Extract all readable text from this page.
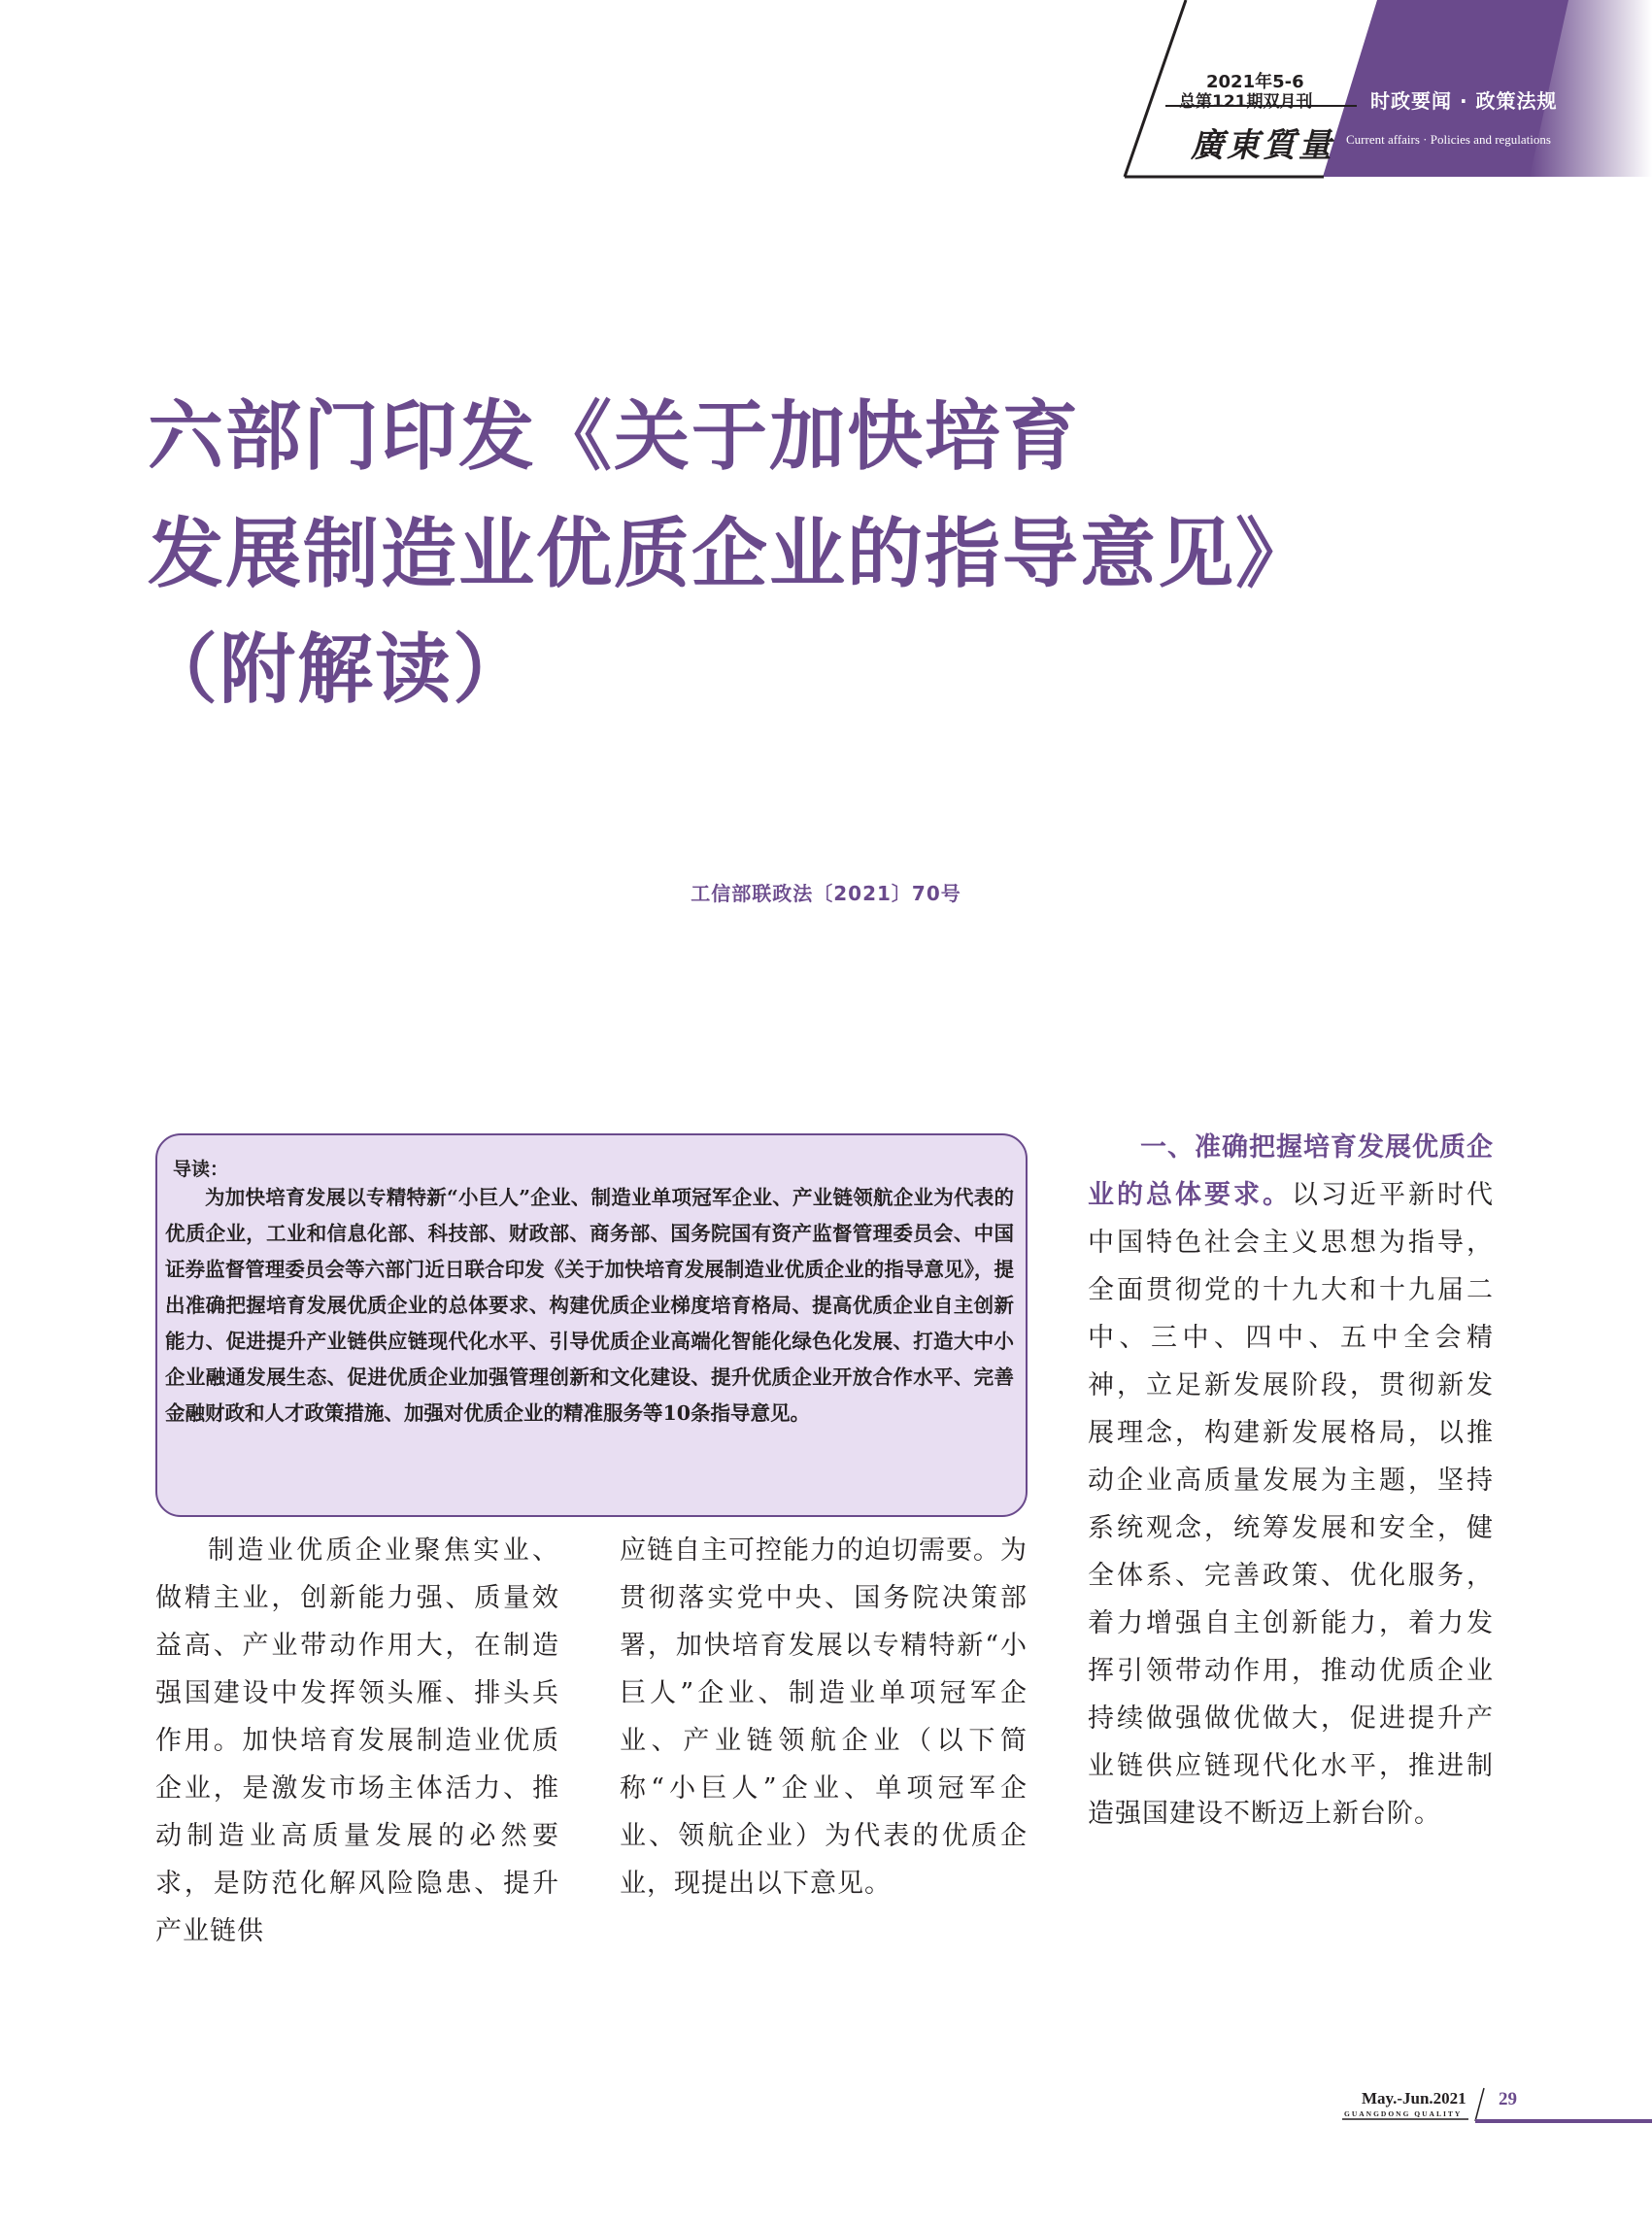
2021年5-6
总第121期双月刊	时政要闻 · 政策法规
廣東質量 Current affairs · Policies and regulations
六部门印发《关于加快培育
发展制造业优质企业的指导意见》
（附解读）
工信部联政法〔2021〕70号
导读：

为加快培育发展以专精特新“小巨人”企业、制造业单项冠军企业、产业链领航企业为代表的优质企业，工业和信息化部、科技部、财政部、商务部、国务院国有资产监督管理委员会、中国证券监督管理委员会等六部门近日联合印发《关于加快培育发展制造业优质企业的指导意见》，提出准确把握培育发展优质企业的总体要求、构建优质企业梯度培育格局、提高优质企业自主创新能力、促进提升产业链供应链现代化水平、引导优质企业高端化智能化绿色化发展、打造大中小企业融通发展生态、促进优质企业加强管理创新和文化建设、提升优质企业开放合作水平、完善金融财政和人才政策措施、加强对优质企业的精准服务等10条指导意见。

制造业优质企业聚焦实业、做精主业，创新能力强、质量效益高、产业带动作用大，在制造强国建设中发挥领头雁、排头兵作用。加快培育发展制造业优质企业，是激发市场主体活力、推动制造业高质量发展的必然要求，是防范化解风险隐患、提升产业链供

应链自主可控能力的迫切需要。为贯彻落实党中央、国务院决策部署，加快培育发展以专精特新“小巨人”企业、制造业单项冠军企业、产业链领航企业（以下简称“小巨人”企业、单项冠军企业、领航企业）为代表的优质企业，现提出以下意见。

一、准确把握培育发展优质企业的总体要求。以习近平新时代中国特色社会主义思想为指导，全面贯彻党的十九大和十九届二中、三中、四中、五中全会精神，立足新发展阶段，贯彻新发展理念，构建新发展格局，以推动企业高质量发展为主题，坚持系统观念，统筹发展和安全，健全体系、完善政策、优化服务，着力增强自主创新能力，着力发挥引领带动作用，推动优质企业持续做强做优做大，促进提升产业链供应链现代化水平，推进制造强国建设不断迈上新台阶。

May.-Jun.2021
GUANGDONG QUALITY
29
